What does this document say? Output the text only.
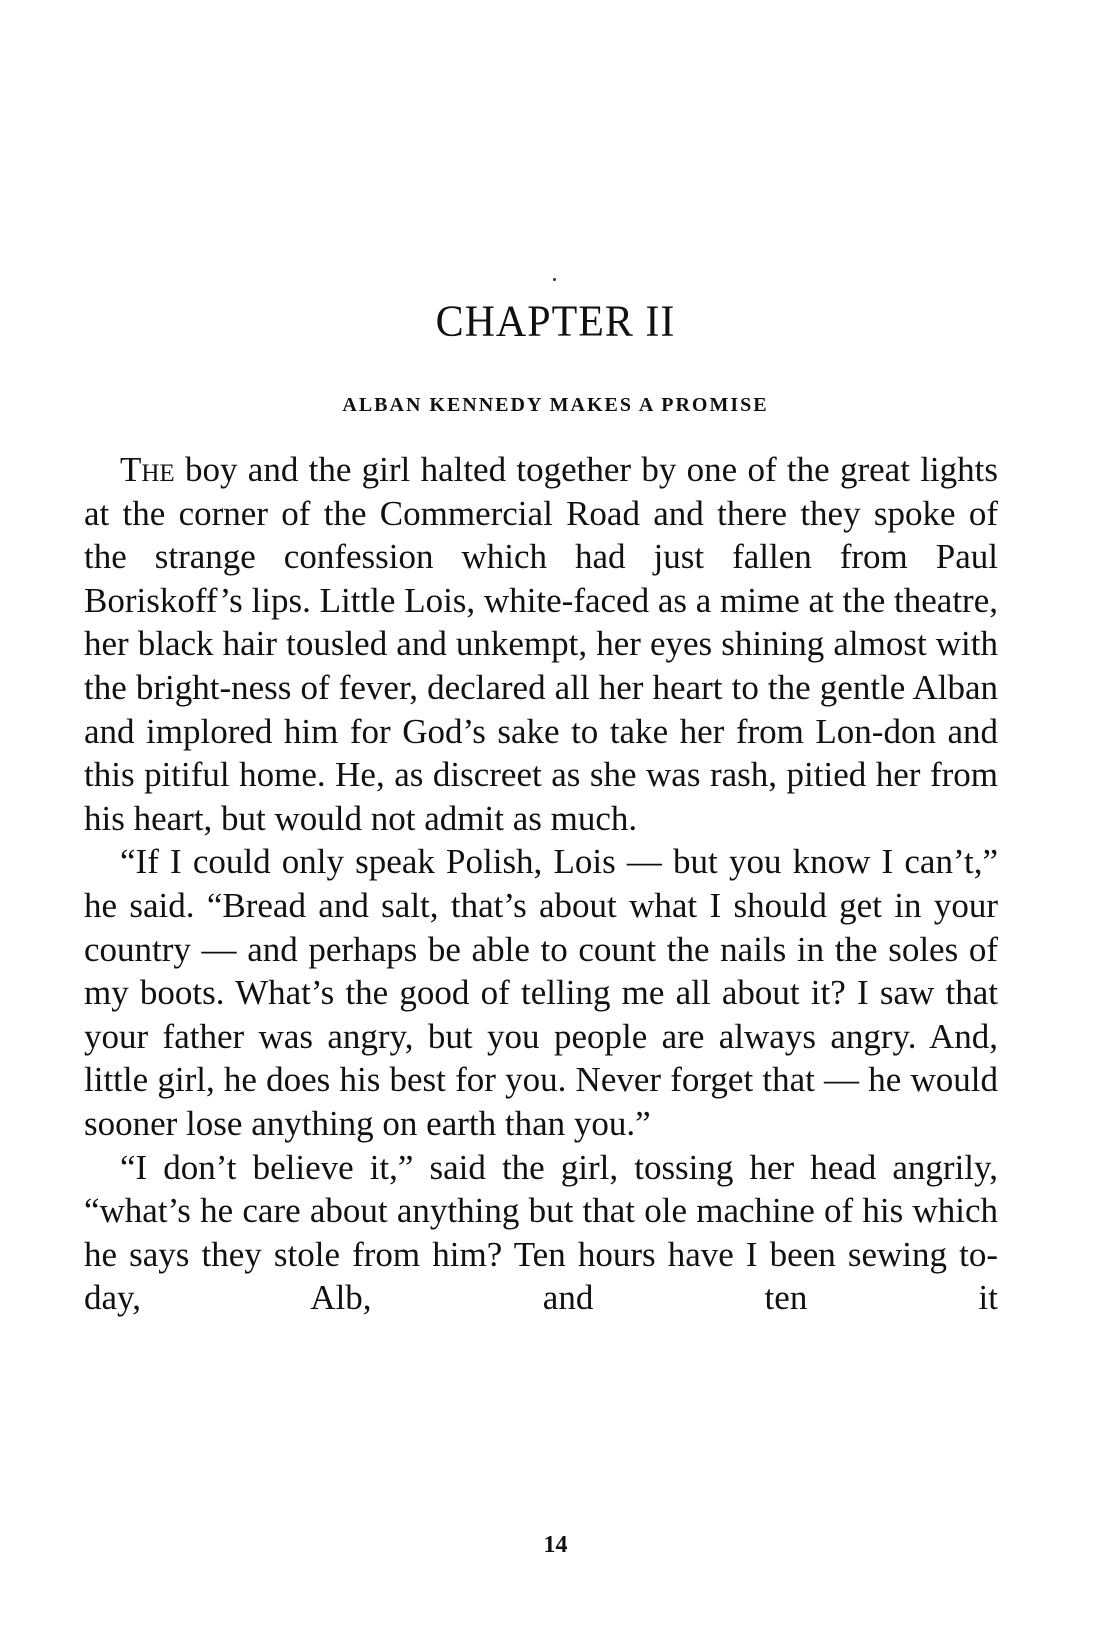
CHAPTER II
ALBAN KENNEDY MAKES A PROMISE

The boy and the girl halted together by one of the great lights at the corner of the Commercial Road and there they spoke of the strange confession which had just fallen from Paul Boriskoff’s lips. Little Lois, white-faced as a mime at the theatre, her black hair tousled and unkempt, her eyes shining almost with the bright-ness of fever, declared all her heart to the gentle Alban and implored him for God’s sake to take her from Lon-don and this pitiful home. He, as discreet as she was rash, pitied her from his heart, but would not admit as much.

“If I could only speak Polish, Lois — but you know I can’t,” he said. “Bread and salt, that’s about what I should get in your country — and perhaps be able to count the nails in the soles of my boots. What’s the good of telling me all about it? I saw that your father was angry, but you people are always angry. And, little girl, he does his best for you. Never forget that — he would sooner lose anything on earth than you.”

“I don’t believe it,” said the girl, tossing her head angrily, “what’s he care about anything but that ole machine of his which he says they stole from him? Ten hours have I been sewing to-day, Alb, and ten it

14
